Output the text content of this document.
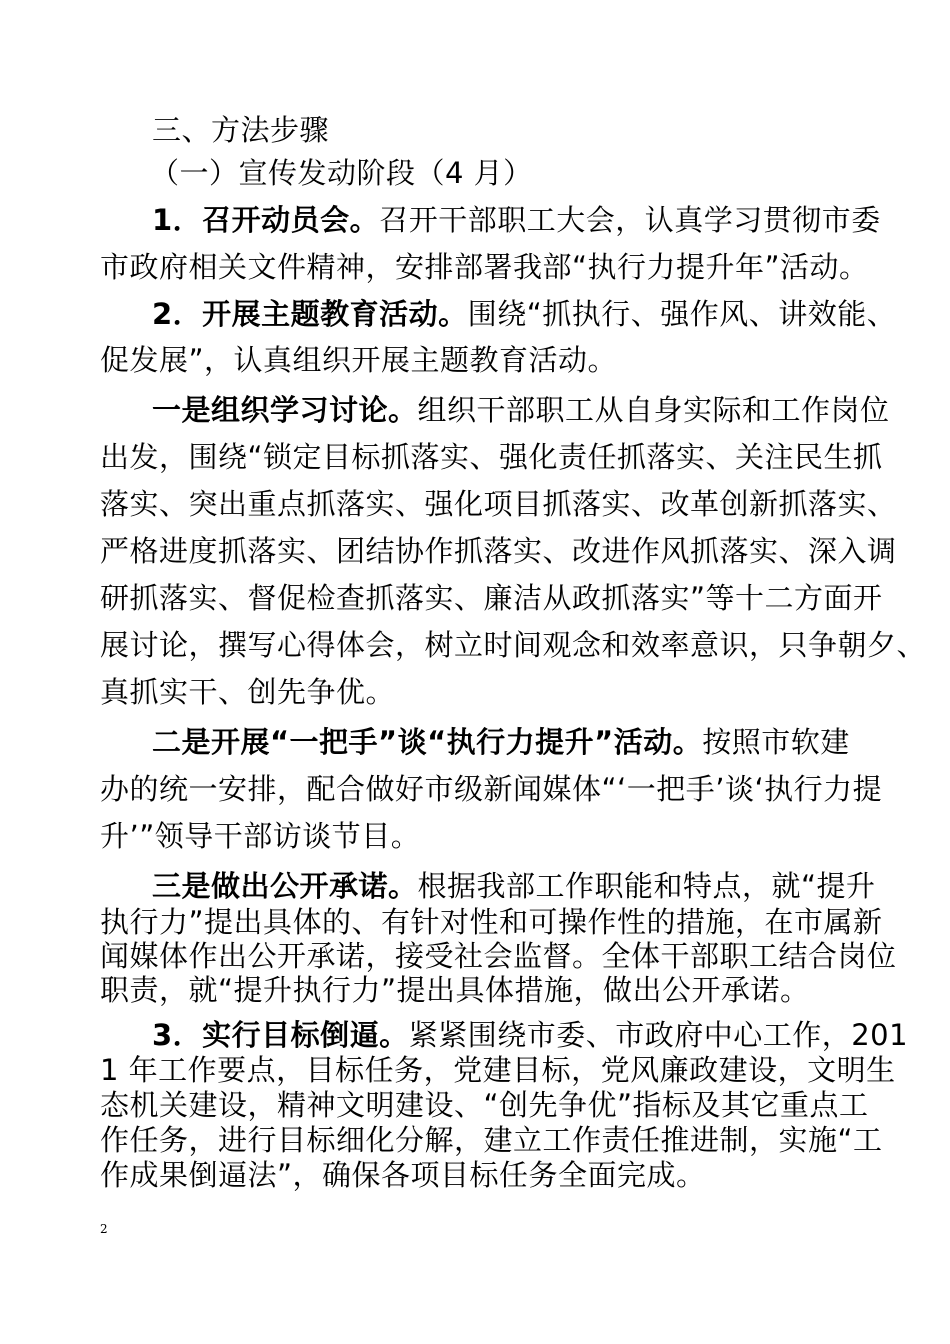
三、方法步骤
（一）宣传发动阶段（4 月）
1．召开动员会。召开干部职工大会，认真学习贯彻市委
市政府相关文件精神，安排部署我部“执行力提升年”活动。
2．开展主题教育活动。围绕“抓执行、强作风、讲效能、
促发展”，认真组织开展主题教育活动。
一是组织学习讨论。组织干部职工从自身实际和工作岗位
出发，围绕“锁定目标抓落实、强化责任抓落实、关注民生抓
落实、突出重点抓落实、强化项目抓落实、改革创新抓落实、
严格进度抓落实、团结协作抓落实、改进作风抓落实、深入调
研抓落实、督促检查抓落实、廉洁从政抓落实”等十二方面开
展讨论，撰写心得体会，树立时间观念和效率意识，只争朝夕、
真抓实干、创先争优。
二是开展“一把手”谈“执行力提升”活动。按照市软建
办的统一安排，配合做好市级新闻媒体“‘一把手’谈‘执行力提
升’”领导干部访谈节目。
三是做出公开承诺。根据我部工作职能和特点，就“提升
执行力”提出具体的、有针对性和可操作性的措施，在市属新
闻媒体作出公开承诺，接受社会监督。全体干部职工结合岗位
职责，就“提升执行力”提出具体措施，做出公开承诺。
3．实行目标倒逼。紧紧围绕市委、市政府中心工作，201
1 年工作要点，目标任务，党建目标，党风廉政建设，文明生
态机关建设，精神文明建设、“创先争优”指标及其它重点工
作任务，进行目标细化分解，建立工作责任推进制，实施“工
作成果倒逼法”，确保各项目标任务全面完成。
2
